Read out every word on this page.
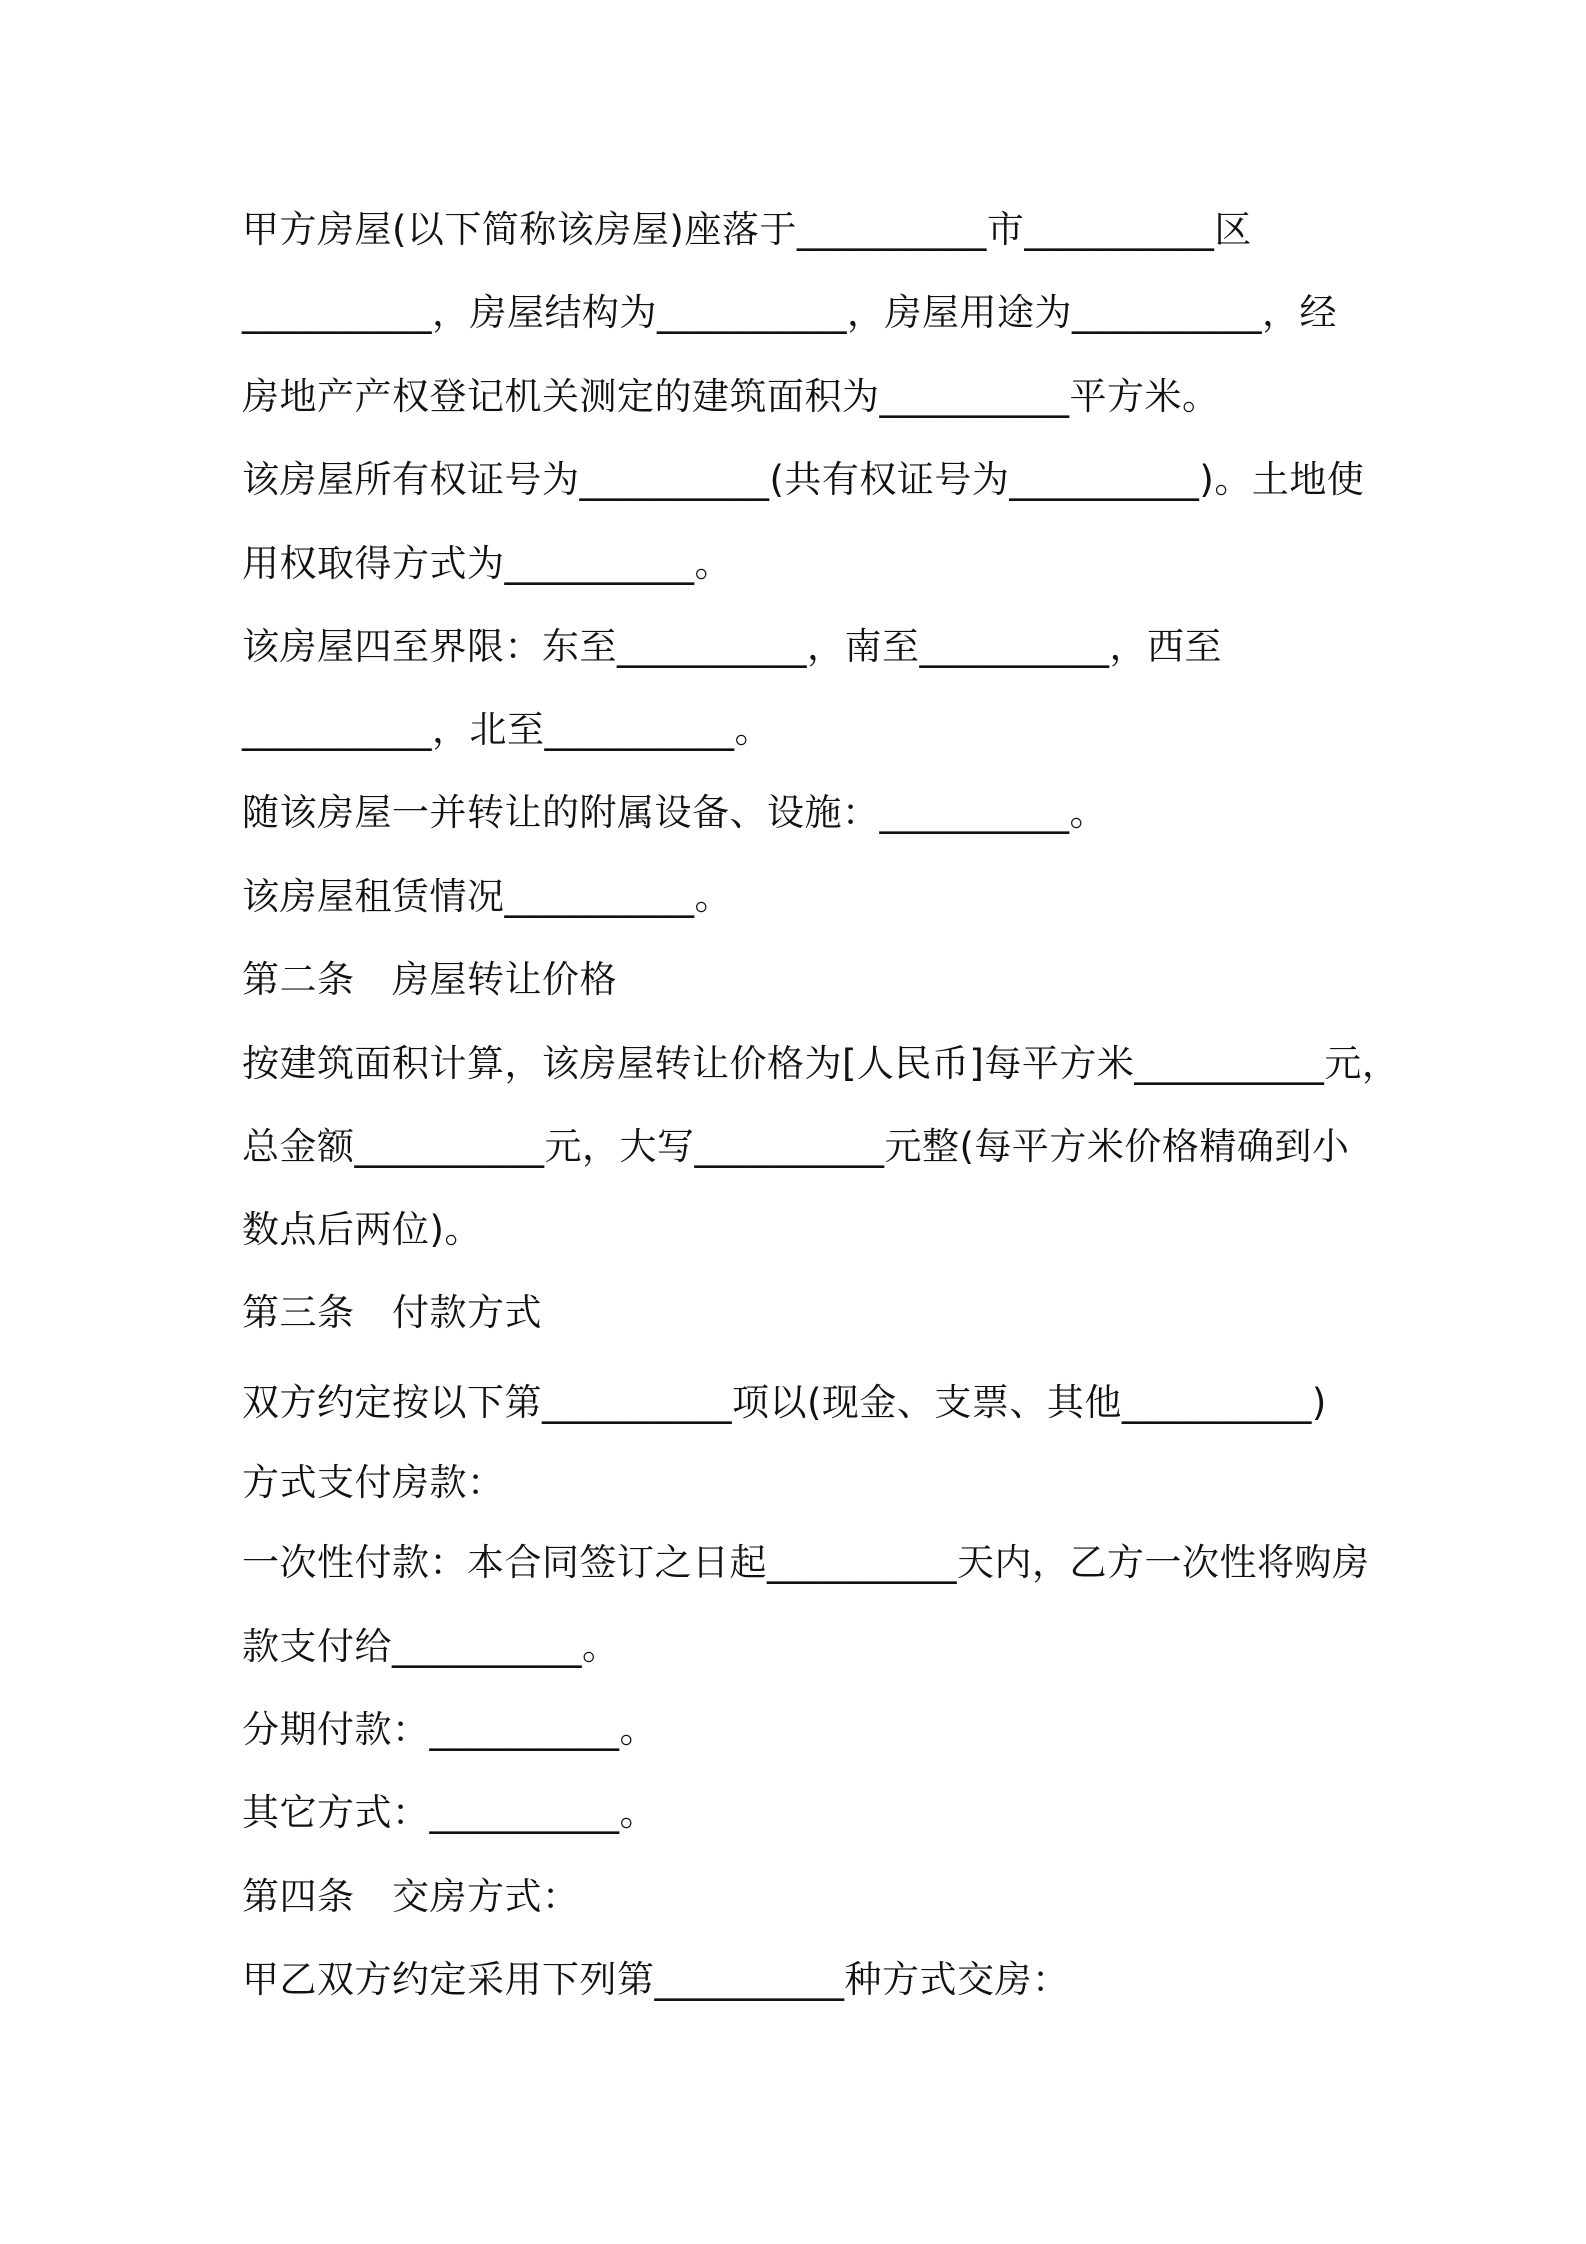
甲方房屋(以下简称该房屋)座落于__________市__________区
__________，房屋结构为__________，房屋用途为__________，经
房地产产权登记机关测定的建筑面积为__________平方米。
该房屋所有权证号为__________(共有权证号为__________)。土地使
用权取得方式为__________。
该房屋四至界限：东至__________，南至__________，西至
__________，北至__________。
随该房屋一并转让的附属设备、设施：__________。
该房屋租赁情况__________。
第二条　房屋转让价格
按建筑面积计算，该房屋转让价格为[人民币]每平方米__________元，
总金额__________元，大写__________元整(每平方米价格精确到小
数点后两位)。
第三条　付款方式
双方约定按以下第__________项以(现金、支票、其他__________)
方式支付房款：
一次性付款：本合同签订之日起__________天内，乙方一次性将购房
款支付给__________。
分期付款：__________。
其它方式：__________。
第四条　交房方式：
甲乙双方约定采用下列第__________种方式交房：
